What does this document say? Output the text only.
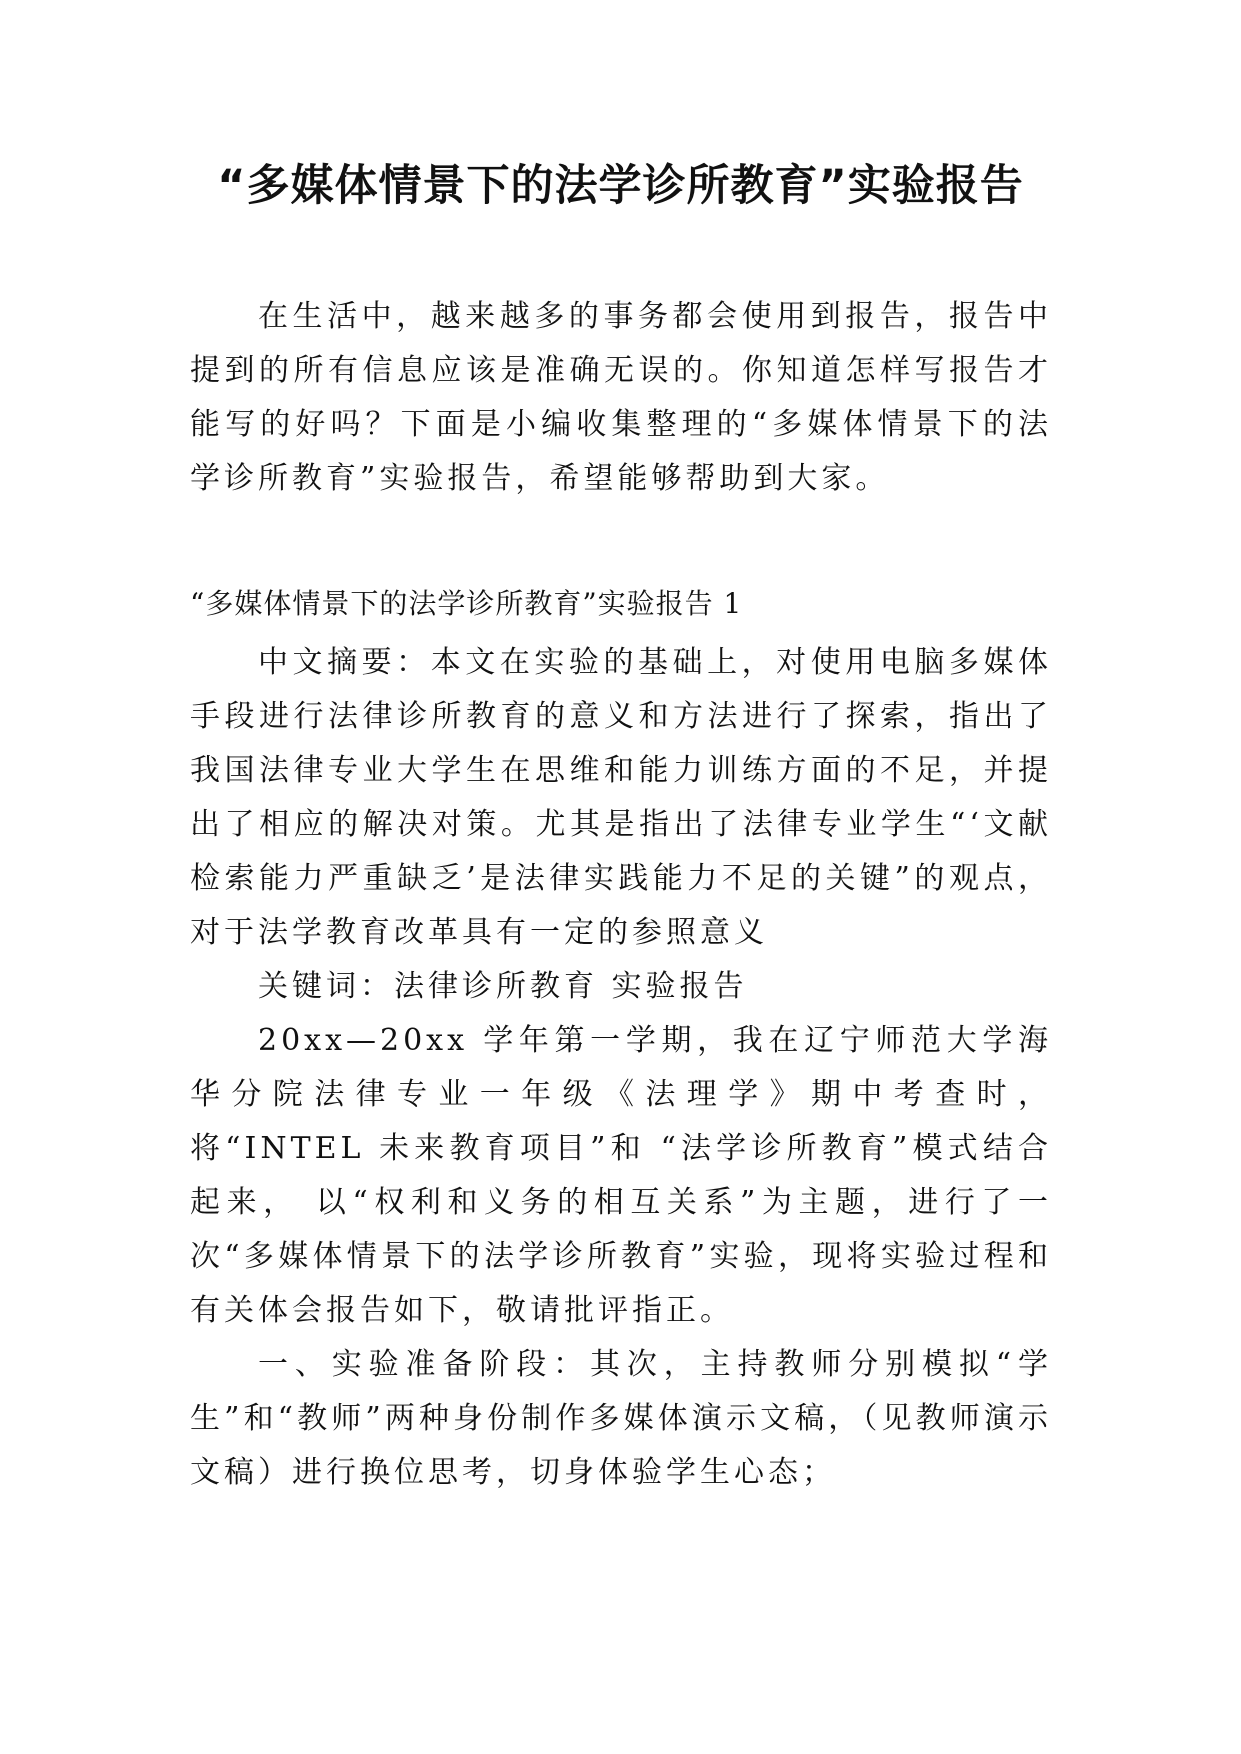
“多媒体情景下的法学诊所教育”实验报告

在生活中，越来越多的事务都会使用到报告，报告中提到的所有信息应该是准确无误的。你知道怎样写报告才能写的好吗？下面是小编收集整理的“多媒体情景下的法学诊所教育”实验报告，希望能够帮助到大家。

“多媒体情景下的法学诊所教育”实验报告 1

中文摘要：本文在实验的基础上，对使用电脑多媒体手段进行法律诊所教育的意义和方法进行了探索，指出了我国法律专业大学生在思维和能力训练方面的不足，并提出了相应的解决对策。尤其是指出了法律专业学生“‘文献检索能力严重缺乏’是法律实践能力不足的关键”的观点，对于法学教育改革具有一定的参照意义

关键词：法律诊所教育 实验报告

20xx—20xx 学年第一学期，我在辽宁师范大学海华分院法律专业一年级《法理学》期中考查时，将“INTEL 未来教育项目”和 “法学诊所教育”模式结合起来， 以“权利和义务的相互关系”为主题，进行了一次“多媒体情景下的法学诊所教育”实验，现将实验过程和有关体会报告如下，敬请批评指正。

一、实验准备阶段：其次，主持教师分别模拟“学生”和“教师”两种身份制作多媒体演示文稿，（见教师演示文稿）进行换位思考，切身体验学生心态；
